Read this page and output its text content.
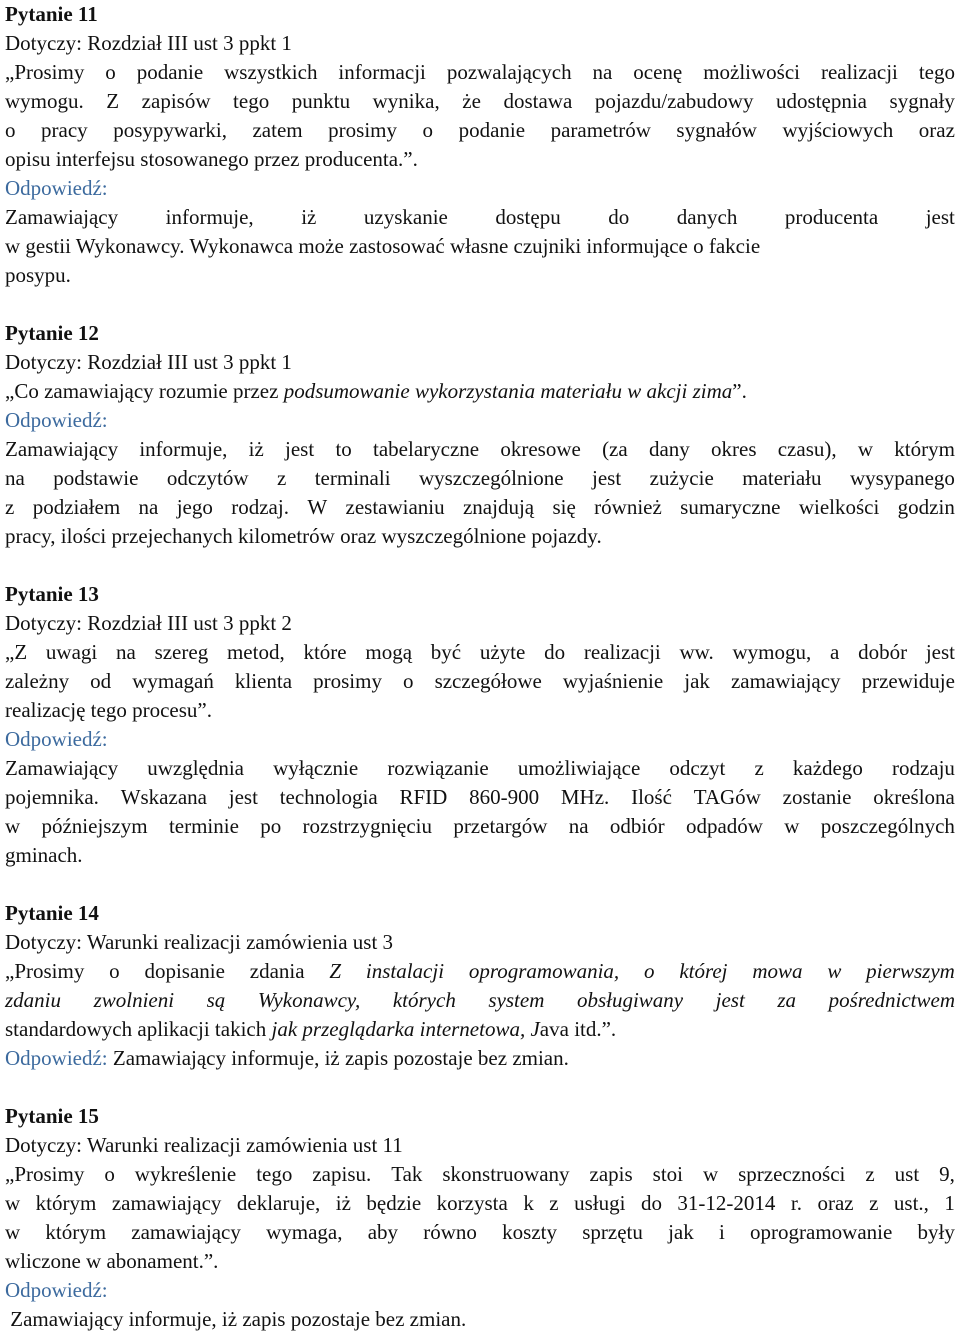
Pytanie 11
Dotyczy: Rozdział III ust 3 ppkt 1
„Prosimy o podanie wszystkich informacji pozwalających na ocenę możliwości realizacji tego
wymogu. Z zapisów tego punktu wynika, że dostawa pojazdu/zabudowy udostępnia sygnały
o pracy posypywarki, zatem prosimy o podanie parametrów sygnałów wyjściowych oraz
opisu interfejsu stosowanego przez producenta.”.
Odpowiedź:
Zamawiający informuje, iż uzyskanie dostępu do danych producenta jest
w gestii Wykonawcy. Wykonawca może zastosować własne czujniki informujące o fakcie
posypu.
Pytanie 12
Dotyczy: Rozdział III ust 3 ppkt 1
„Co zamawiający rozumie przez podsumowanie wykorzystania materiału w akcji zima”.
Odpowiedź:
Zamawiający informuje, iż jest to tabelaryczne okresowe (za dany okres czasu), w którym
na podstawie odczytów z terminali wyszczególnione jest zużycie materiału wysypanego
z podziałem na jego rodzaj. W zestawianiu znajdują się również sumaryczne wielkości godzin
pracy, ilości przejechanych kilometrów oraz wyszczególnione pojazdy.
Pytanie 13
Dotyczy: Rozdział III ust 3 ppkt 2
„Z uwagi na szereg metod, które mogą być użyte do realizacji ww. wymogu, a dobór jest
zależny od wymagań klienta prosimy o szczegółowe wyjaśnienie jak zamawiający przewiduje
realizację tego procesu”.
Odpowiedź:
Zamawiający uwzględnia wyłącznie rozwiązanie umożliwiające odczyt z każdego rodzaju
pojemnika. Wskazana jest technologia RFID 860-900 MHz. Ilość TAGów zostanie określona
w późniejszym terminie po rozstrzygnięciu przetargów na odbiór odpadów w poszczególnych
gminach.
Pytanie 14
Dotyczy: Warunki realizacji zamówienia ust 3
„Prosimy o dopisanie zdania Z instalacji oprogramowania, o której mowa w pierwszym
zdaniu zwolnieni są Wykonawcy, których system obsługiwany jest za pośrednictwem
standardowych aplikacji takich jak przeglądarka internetowa, Java itd.”.
Odpowiedź: Zamawiający informuje, iż zapis pozostaje bez zmian.
Pytanie 15
Dotyczy: Warunki realizacji zamówienia ust 11
„Prosimy o wykreślenie tego zapisu. Tak skonstruowany zapis stoi w sprzeczności z ust 9,
w którym zamawiający deklaruje, iż będzie korzysta k z usługi do 31-12-2014 r. oraz z ust., 1
w którym zamawiający wymaga, aby równo koszty sprzętu jak i oprogramowanie były
wliczone w abonament.”.
Odpowiedź:
Zamawiający informuje, iż zapis pozostaje bez zmian.
